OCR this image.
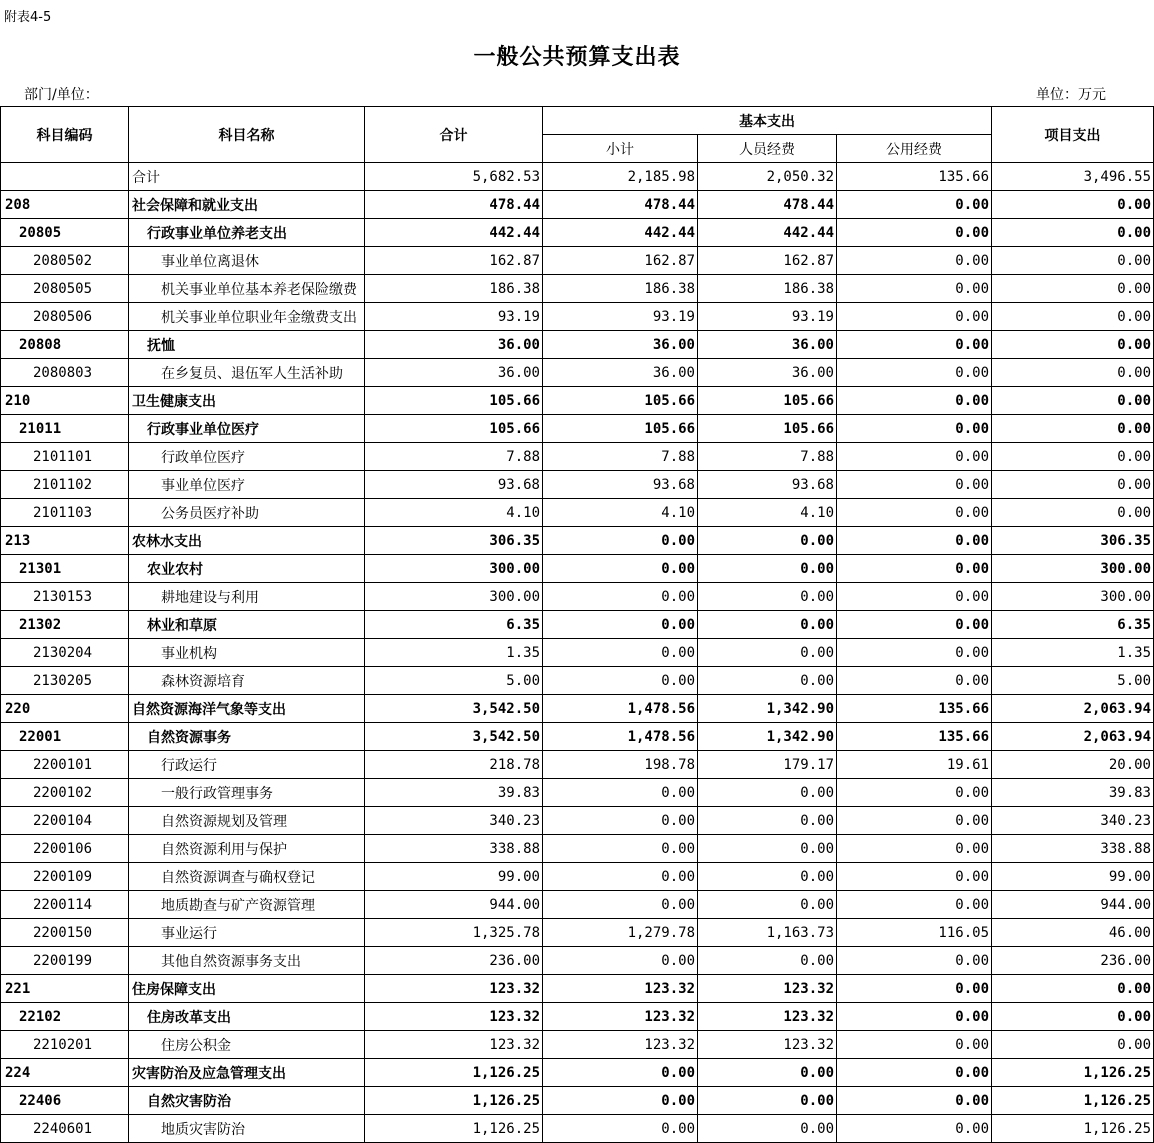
附表4-5
一般公共预算支出表
部门/单位：	单位：万元
科目编码	科目名称	合计	基本支出			项目支出
			小计	人员经费	公用经费	
	合计	5,682.53	2,185.98	2,050.32	135.66	3,496.55
208	社会保障和就业支出	478.44	478.44	478.44	0.00	0.00
20805	行政事业单位养老支出	442.44	442.44	442.44	0.00	0.00
2080502	事业单位离退休	162.87	162.87	162.87	0.00	0.00
2080505	机关事业单位基本养老保险缴费	186.38	186.38	186.38	0.00	0.00
2080506	机关事业单位职业年金缴费支出	93.19	93.19	93.19	0.00	0.00
20808	抚恤	36.00	36.00	36.00	0.00	0.00
2080803	在乡复员、退伍军人生活补助	36.00	36.00	36.00	0.00	0.00
210	卫生健康支出	105.66	105.66	105.66	0.00	0.00
21011	行政事业单位医疗	105.66	105.66	105.66	0.00	0.00
2101101	行政单位医疗	7.88	7.88	7.88	0.00	0.00
2101102	事业单位医疗	93.68	93.68	93.68	0.00	0.00
2101103	公务员医疗补助	4.10	4.10	4.10	0.00	0.00
213	农林水支出	306.35	0.00	0.00	0.00	306.35
21301	农业农村	300.00	0.00	0.00	0.00	300.00
2130153	耕地建设与利用	300.00	0.00	0.00	0.00	300.00
21302	林业和草原	6.35	0.00	0.00	0.00	6.35
2130204	事业机构	1.35	0.00	0.00	0.00	1.35
2130205	森林资源培育	5.00	0.00	0.00	0.00	5.00
220	自然资源海洋气象等支出	3,542.50	1,478.56	1,342.90	135.66	2,063.94
22001	自然资源事务	3,542.50	1,478.56	1,342.90	135.66	2,063.94
2200101	行政运行	218.78	198.78	179.17	19.61	20.00
2200102	一般行政管理事务	39.83	0.00	0.00	0.00	39.83
2200104	自然资源规划及管理	340.23	0.00	0.00	0.00	340.23
2200106	自然资源利用与保护	338.88	0.00	0.00	0.00	338.88
2200109	自然资源调查与确权登记	99.00	0.00	0.00	0.00	99.00
2200114	地质勘查与矿产资源管理	944.00	0.00	0.00	0.00	944.00
2200150	事业运行	1,325.78	1,279.78	1,163.73	116.05	46.00
2200199	其他自然资源事务支出	236.00	0.00	0.00	0.00	236.00
221	住房保障支出	123.32	123.32	123.32	0.00	0.00
22102	住房改革支出	123.32	123.32	123.32	0.00	0.00
2210201	住房公积金	123.32	123.32	123.32	0.00	0.00
224	灾害防治及应急管理支出	1,126.25	0.00	0.00	0.00	1,126.25
22406	自然灾害防治	1,126.25	0.00	0.00	0.00	1,126.25
2240601	地质灾害防治	1,126.25	0.00	0.00	0.00	1,126.25
